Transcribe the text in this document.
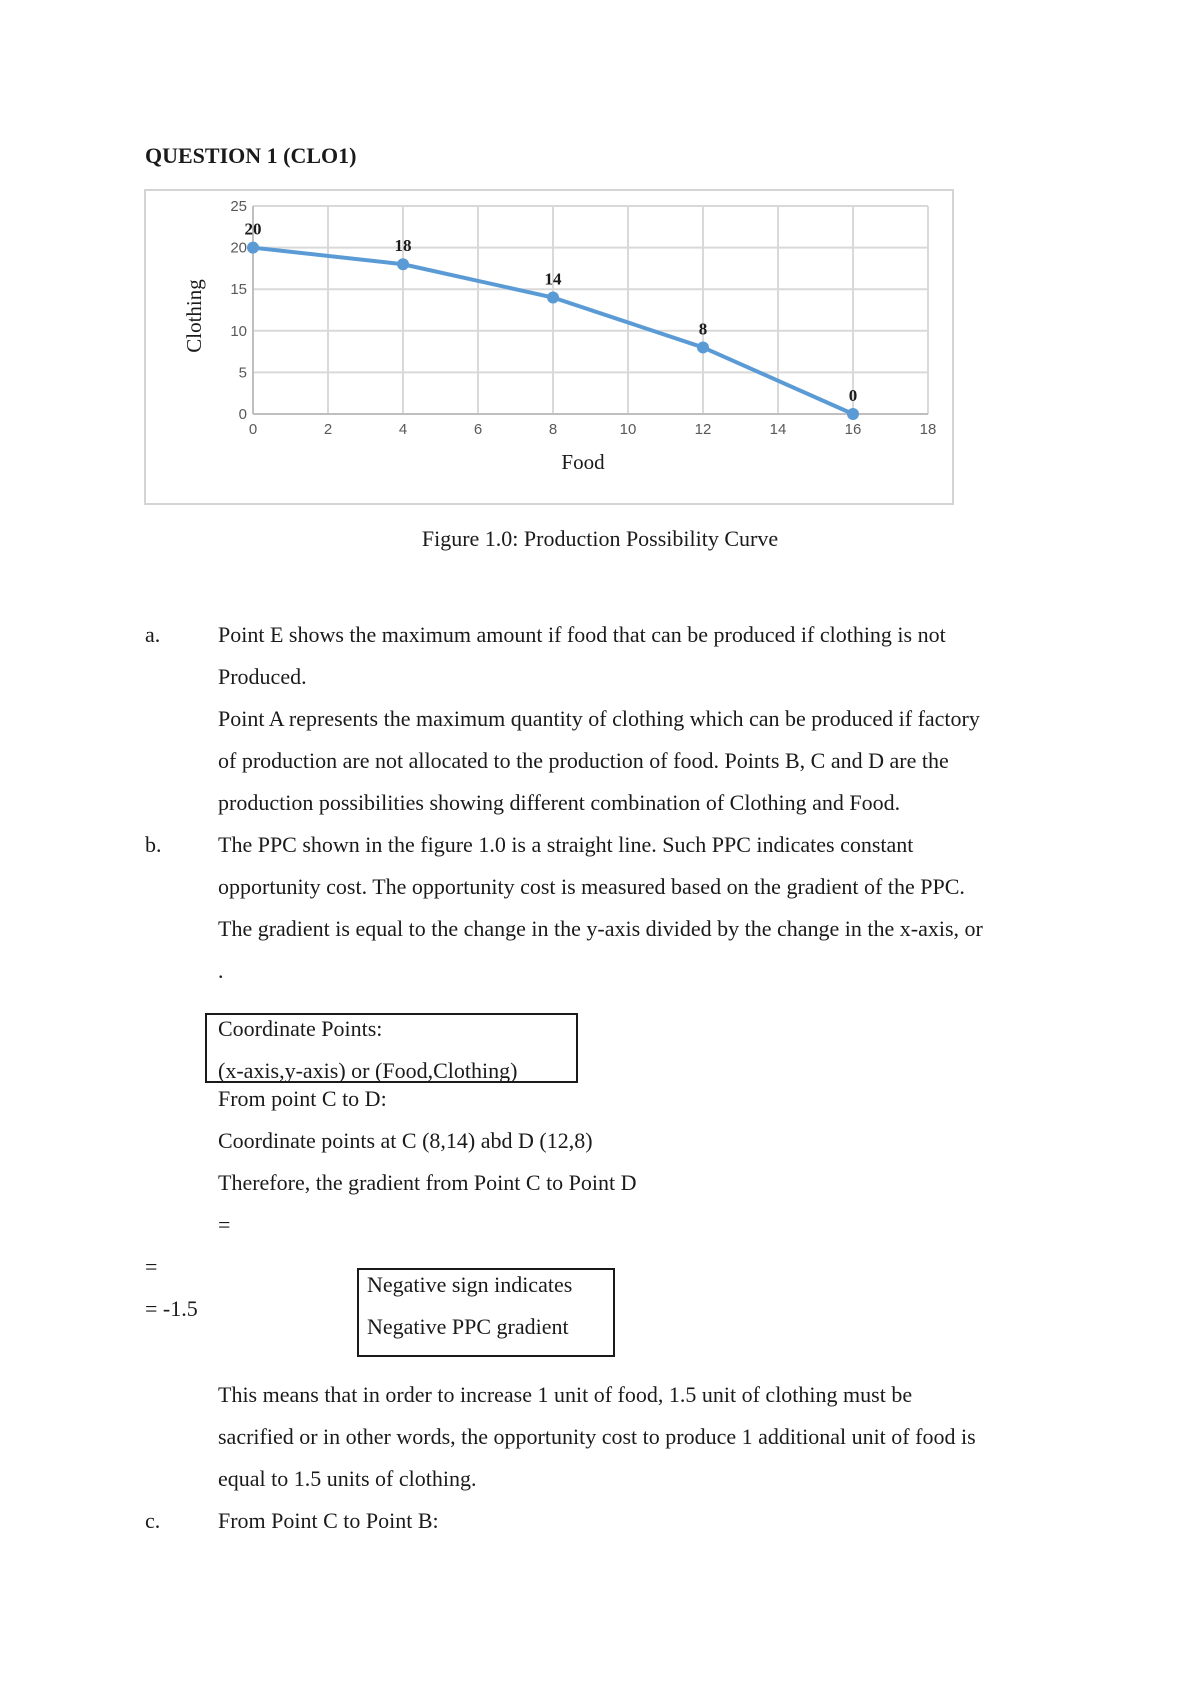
QUESTION 1 (CLO1)
0	2	4	6	8	10	12	14	16	18
0
5
10
15
20
25
Food
Clothing
20
18
14
8
0
Figure 1.0: Production Possibility Curve
a.	Point E shows the maximum amount if food that can be produced if clothing is not
Produced.
Point A represents the maximum quantity of clothing which can be produced if factory
of production are not allocated to the production of food. Points B, C and D are the
production possibilities showing different combination of Clothing and Food.
b.	The PPC shown in the figure 1.0 is a straight line. Such PPC indicates constant
opportunity cost. The opportunity cost is measured based on the gradient of the PPC.
The gradient is equal to the change in the y-axis divided by the change in the x-axis, or
.
Coordinate Points:
(x-axis,y-axis) or (Food,Clothing)
From point C to D:
Coordinate points at C (8,14) abd D (12,8)
Therefore, the gradient from Point C to Point D
=
=
= -1.5
Negative sign indicates
Negative PPC gradient
This means that in order to increase 1 unit of food, 1.5 unit of clothing must be
sacrified or in other words, the opportunity cost to produce 1 additional unit of food is
equal to 1.5 units of clothing.
c.	From Point C to Point B:
